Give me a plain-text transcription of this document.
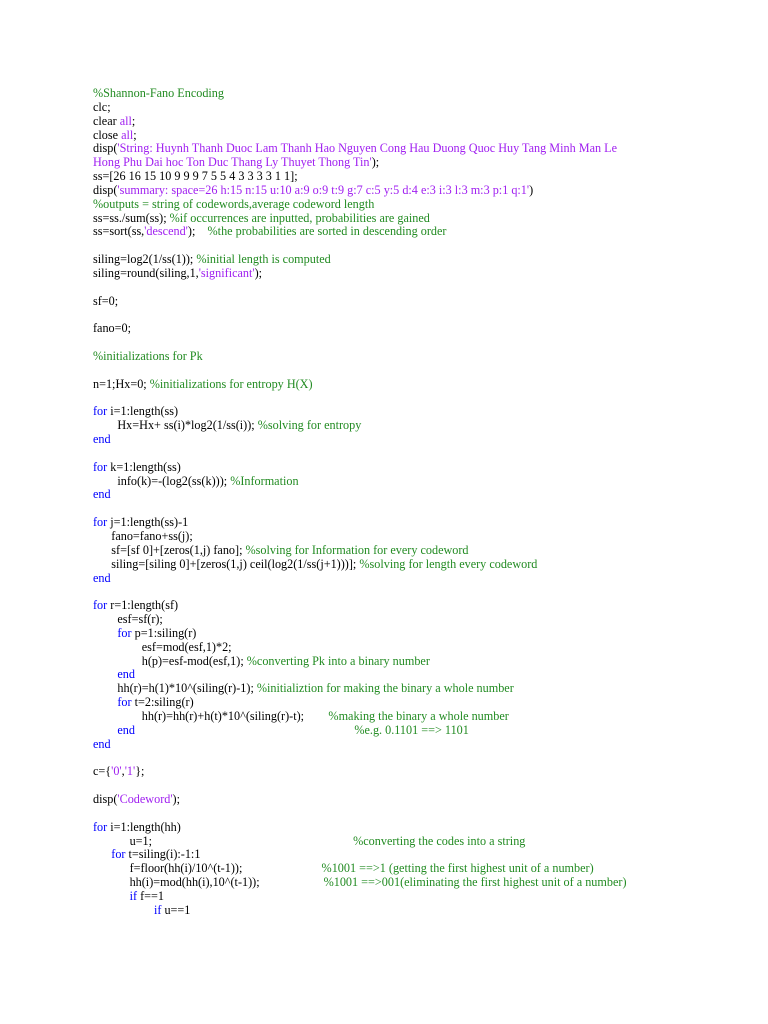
%Shannon-Fano Encoding
clc;
clear all;
close all;
disp('String: Huynh Thanh Duoc Lam Thanh Hao Nguyen Cong Hau Duong Quoc Huy Tang Minh Man Le
Hong Phu Dai hoc Ton Duc Thang Ly Thuyet Thong Tin');
ss=[26 16 15 10 9 9 9 7 5 5 4 3 3 3 3 1 1];
disp('summary: space=26 h:15 n:15 u:10 a:9 o:9 t:9 g:7 c:5 y:5 d:4 e:3 i:3 l:3 m:3 p:1 q:1')
%outputs = string of codewords,average codeword length
ss=ss./sum(ss); %if occurrences are inputted, probabilities are gained
ss=sort(ss,'descend');    %the probabilities are sorted in descending order
siling=log2(1/ss(1)); %initial length is computed
siling=round(siling,1,'significant');
sf=0;
fano=0;
%initializations for Pk
n=1;Hx=0; %initializations for entropy H(X)
for i=1:length(ss)
Hx=Hx+ ss(i)*log2(1/ss(i)); %solving for entropy
end
for k=1:length(ss)
info(k)=-(log2(ss(k))); %Information
end
for j=1:length(ss)-1
fano=fano+ss(j);
sf=[sf 0]+[zeros(1,j) fano]; %solving for Information for every codeword
siling=[siling 0]+[zeros(1,j) ceil(log2(1/ss(j+1)))]; %solving for length every codeword
end
for r=1:length(sf)
esf=sf(r);
for p=1:siling(r)
esf=mod(esf,1)*2;
h(p)=esf-mod(esf,1); %converting Pk into a binary number
end
hh(r)=h(1)*10^(siling(r)-1); %initializtion for making the binary a whole number
for t=2:siling(r)
hh(r)=hh(r)+h(t)*10^(siling(r)-t);        %making the binary a whole number
end	%e.g. 0.1101 ==> 1101
end
c={'0','1'};
disp('Codeword');
for i=1:length(hh)
u=1;                                                                  %converting the codes into a string
for t=siling(i):-1:1
f=floor(hh(i)/10^(t-1));                          %1001 ==>1 (getting the first highest unit of a number)
hh(i)=mod(hh(i),10^(t-1));                     %1001 ==>001(eliminating the first highest unit of a number)
if f==1
if u==1
